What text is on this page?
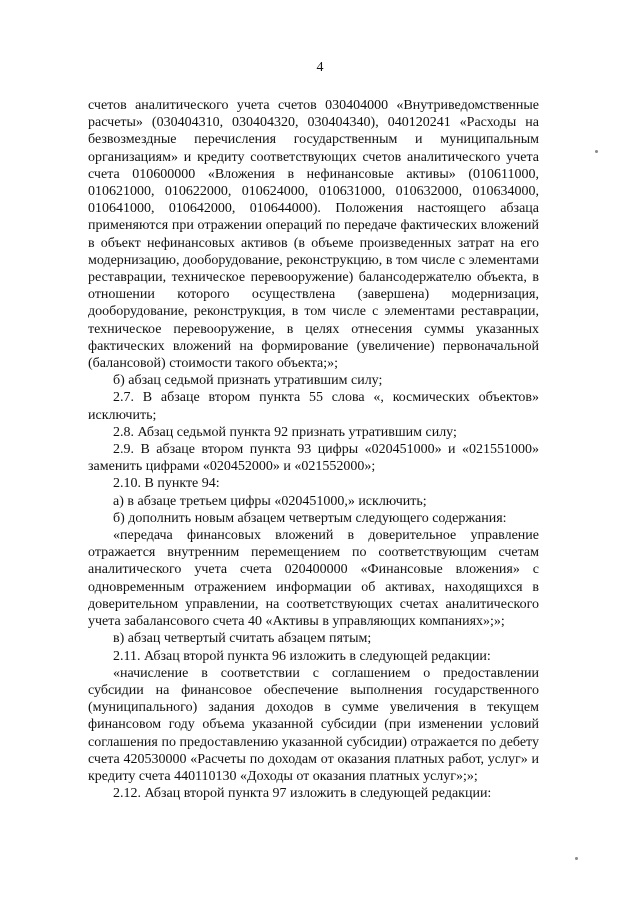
4

счетов аналитического учета счетов 030404000 «Внутриведомственные расчеты» (030404310, 030404320, 030404340), 040120241 «Расходы на безвозмездные перечисления государственным и муниципальным организациям» и кредиту соответствующих счетов аналитического учета счета 010600000 «Вложения в нефинансовые активы» (010611000, 010621000, 010622000, 010624000, 010631000, 010632000, 010634000, 010641000, 010642000, 010644000). Положения настоящего абзаца применяются при отражении операций по передаче фактических вложений в объект нефинансовых активов (в объеме произведенных затрат на его модернизацию, дооборудование, реконструкцию, в том числе с элементами реставрации, техническое перевооружение) балансодержателю объекта, в отношении которого осуществлена (завершена) модернизация, дооборудование, реконструкция, в том числе с элементами реставрации, техническое перевооружение, в целях отнесения суммы указанных фактических вложений на формирование (увеличение) первоначальной (балансовой) стоимости такого объекта;»;

б) абзац седьмой признать утратившим силу;

2.7. В абзаце втором пункта 55 слова «, космических объектов» исключить;

2.8. Абзац седьмой пункта 92 признать утратившим силу;

2.9. В абзаце втором пункта 93 цифры «020451000» и «021551000» заменить цифрами «020452000» и «021552000»;

2.10. В пункте 94:

а) в абзаце третьем цифры «020451000,» исключить;

б) дополнить новым абзацем четвертым следующего содержания:

«передача финансовых вложений в доверительное управление отражается внутренним перемещением по соответствующим счетам аналитического учета счета 020400000 «Финансовые вложения» с одновременным отражением информации об активах, находящихся в доверительном управлении, на соответствующих счетах аналитического учета забалансового счета 40 «Активы в управляющих компаниях»;»;

в) абзац четвертый считать абзацем пятым;

2.11. Абзац второй пункта 96 изложить в следующей редакции:

«начисление в соответствии с соглашением о предоставлении субсидии на финансовое обеспечение выполнения государственного (муниципального) задания доходов в сумме увеличения в текущем финансовом году объема указанной субсидии (при изменении условий соглашения по предоставлению указанной субсидии) отражается по дебету счета 420530000 «Расчеты по доходам от оказания платных работ, услуг» и кредиту счета 440110130 «Доходы от оказания платных услуг»;»;

2.12. Абзац второй пункта 97 изложить в следующей редакции:
